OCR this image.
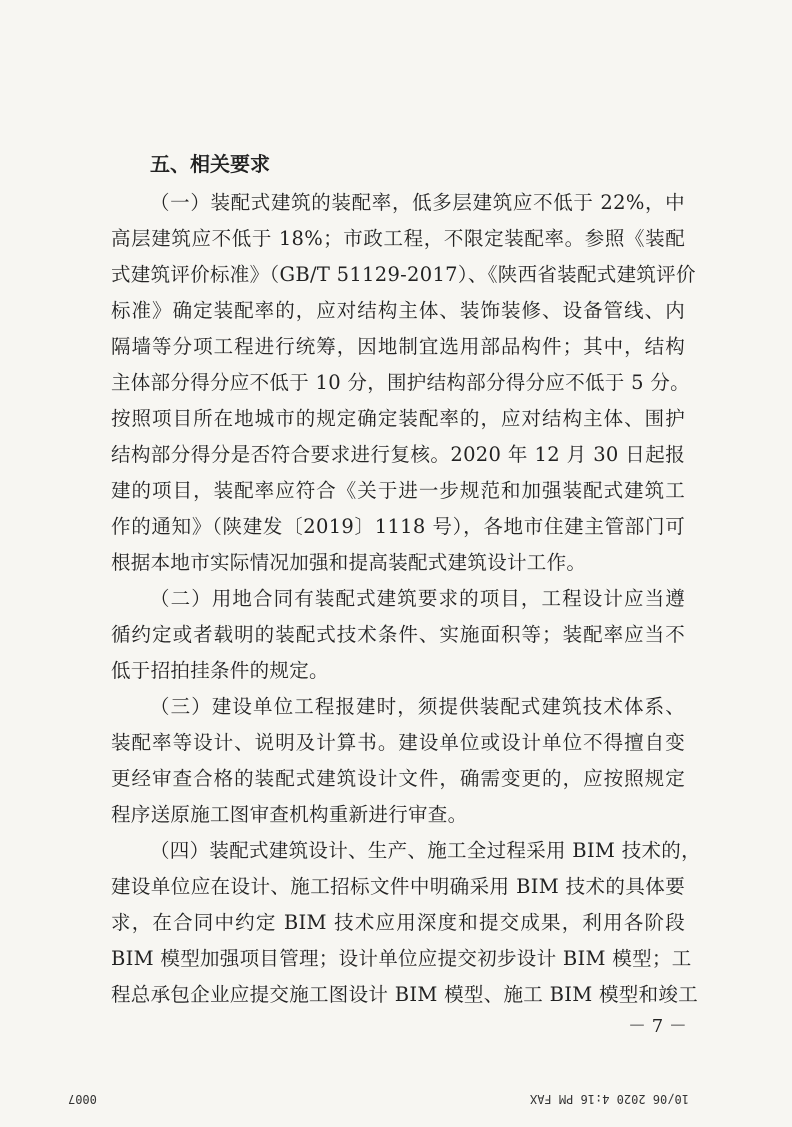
五、相关要求
（一）装配式建筑的装配率，低多层建筑应不低于 22%，中
高层建筑应不低于 18%；市政工程，不限定装配率。参照《装配
式建筑评价标准》（GB/T 51129-2017）、《陕西省装配式建筑评价
标准》确定装配率的，应对结构主体、装饰装修、设备管线、内
隔墙等分项工程进行统筹，因地制宜选用部品构件；其中，结构
主体部分得分应不低于 10 分，围护结构部分得分应不低于 5 分。
按照项目所在地城市的规定确定装配率的，应对结构主体、围护
结构部分得分是否符合要求进行复核。2020 年 12 月 30 日起报
建的项目，装配率应符合《关于进一步规范和加强装配式建筑工
作的通知》（陕建发〔2019〕1118 号），各地市住建主管部门可
根据本地市实际情况加强和提高装配式建筑设计工作。
（二）用地合同有装配式建筑要求的项目，工程设计应当遵
循约定或者载明的装配式技术条件、实施面积等；装配率应当不
低于招拍挂条件的规定。
（三）建设单位工程报建时，须提供装配式建筑技术体系、
装配率等设计、说明及计算书。建设单位或设计单位不得擅自变
更经审查合格的装配式建筑设计文件，确需变更的，应按照规定
程序送原施工图审查机构重新进行审查。
（四）装配式建筑设计、生产、施工全过程采用 BIM 技术的，
建设单位应在设计、施工招标文件中明确采用 BIM 技术的具体要
求，在合同中约定 BIM 技术应用深度和提交成果，利用各阶段
BIM 模型加强项目管理；设计单位应提交初步设计 BIM 模型；工
程总承包企业应提交施工图设计 BIM 模型、施工 BIM 模型和竣工
－ 7 －
0007	10/06 2020 4:16 PM FAX
